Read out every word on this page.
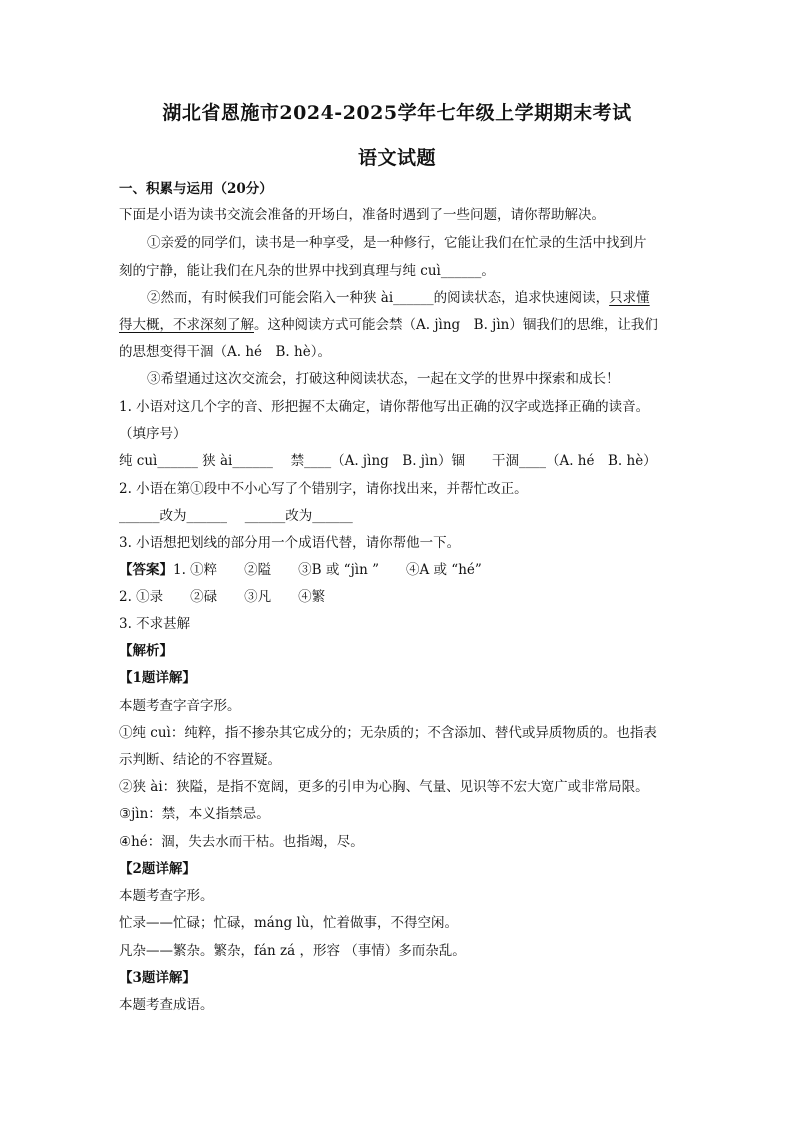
湖北省恩施市2024-2025学年七年级上学期期末考试
语文试题
一、积累与运用（20分）
下面是小语为读书交流会准备的开场白，准备时遇到了一些问题，请你帮助解决。
①亲爱的同学们，读书是一种享受，是一种修行，它能让我们在忙录的生活中找到片
刻的宁静，能让我们在凡杂的世界中找到真理与纯 cuì______。
②然而，有时候我们可能会陷入一种狭 ài______的阅读状态，追求快速阅读，只求懂
得大概，不求深刻了解。这种阅读方式可能会禁（A. jìng　B. jìn）锢我们的思维，让我们
的思想变得干涸（A. hé　B. hè）。
③希望通过这次交流会，打破这种阅读状态，一起在文学的世界中探索和成长！
1. 小语对这几个字的音、形把握不太确定，请你帮他写出正确的汉字或选择正确的读音。
（填序号）
纯 cuì______ 狭 ài______　 禁____（A. jìng　B. jìn）锢　　干涸____（A. hé　B. hè）
2. 小语在第①段中不小心写了个错别字，请你找出来，并帮忙改正。
______改为______　 ______改为______
3. 小语想把划线的部分用一个成语代替，请你帮他一下。
【答案】1. ①粹　　②隘　　③B 或 “jìn ”　　④A 或 “hé”
2. ①录　　②碌　　③凡　　④繁
3. 不求甚解
【解析】
【1题详解】
本题考查字音字形。
①纯 cuì：纯粹，指不掺杂其它成分的；无杂质的；不含添加、替代或异质物质的。也指表
示判断、结论的不容置疑。
②狭 ài：狭隘，是指不宽阔，更多的引申为心胸、气量、见识等不宏大宽广或非常局限。
③jìn：禁，本义指禁忌。
④hé：涸，失去水而干枯。也指竭，尽。
【2题详解】
本题考查字形。
忙录——忙碌；忙碌，máng lù，忙着做事，不得空闲。
凡杂——繁杂。繁杂，fán zá ，形容 （事情）多而杂乱。
【3题详解】
本题考查成语。
